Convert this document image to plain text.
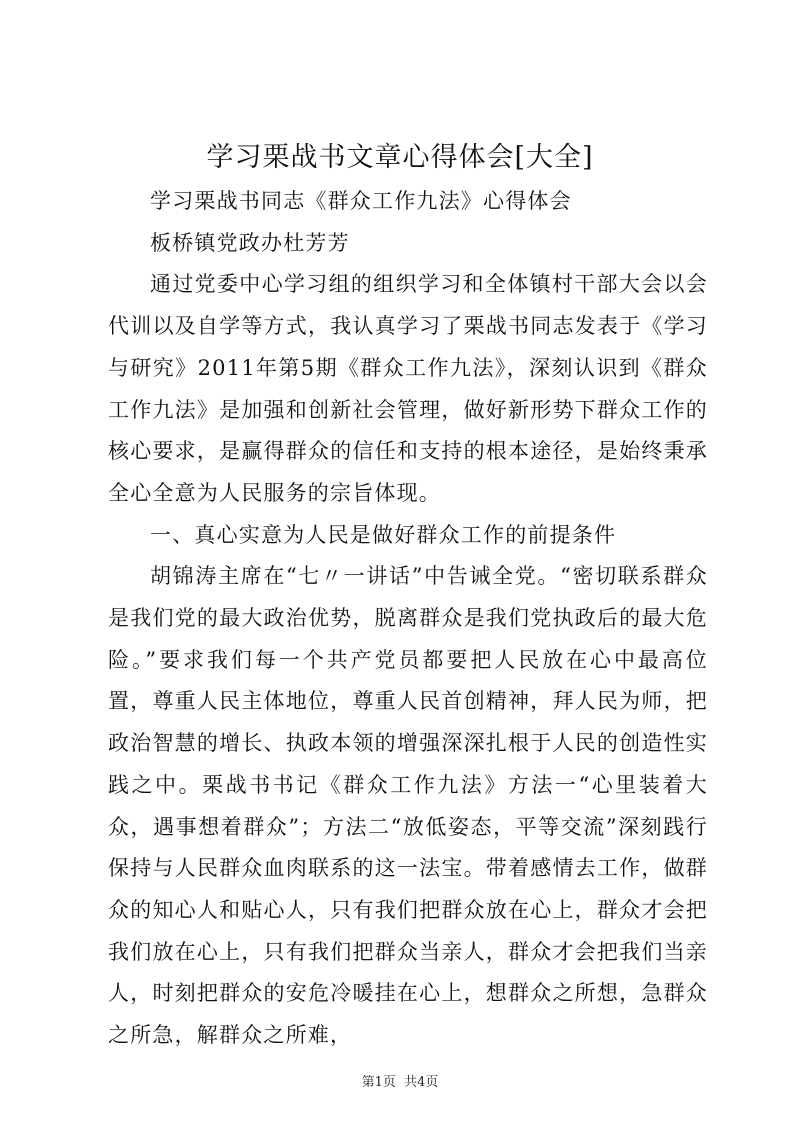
学习栗战书文章心得体会[大全]

学习栗战书同志《群众工作九法》心得体会

板桥镇党政办杜芳芳

通过党委中心学习组的组织学习和全体镇村干部大会以会代训以及自学等方式，我认真学习了栗战书同志发表于《学习与研究》2011年第5期《群众工作九法》，深刻认识到《群众工作九法》是加强和创新社会管理，做好新形势下群众工作的核心要求，是赢得群众的信任和支持的根本途径，是始终秉承全心全意为人民服务的宗旨体现。

一、真心实意为人民是做好群众工作的前提条件

胡锦涛主席在“七〃一讲话”中告诫全党。“密切联系群众是我们党的最大政治优势，脱离群众是我们党执政后的最大危险。”要求我们每一个共产党员都要把人民放在心中最高位置，尊重人民主体地位，尊重人民首创精神，拜人民为师，把政治智慧的增长、执政本领的增强深深扎根于人民的创造性实践之中。栗战书书记《群众工作九法》方法一“心里装着大众，遇事想着群众”；方法二“放低姿态，平等交流”深刻践行保持与人民群众血肉联系的这一法宝。带着感情去工作，做群众的知心人和贴心人，只有我们把群众放在心上，群众才会把我们放在心上，只有我们把群众当亲人，群众才会把我们当亲人，时刻把群众的安危冷暖挂在心上，想群众之所想，急群众之所急，解群众之所难，

第1页 共4页
